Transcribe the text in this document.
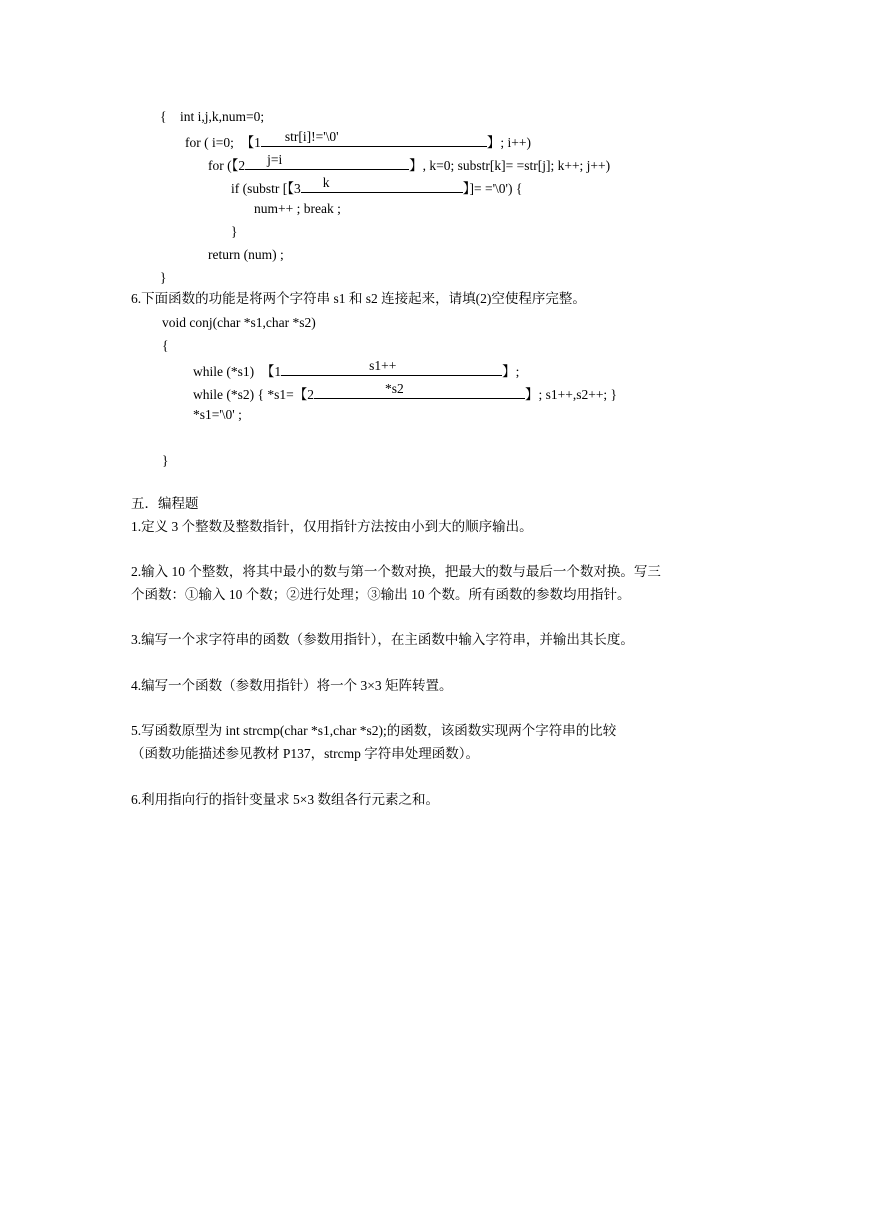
{    int i,j,k,num=0;
for ( i=0;  【1 str[i]!='\0'	】; i++)
for (【2 j=i	】, k=0; substr[k]= =str[j]; k++; j++)
if (substr [【3 k	】]= ='\0') {
num++ ; break ;
}
return (num) ;
}
6.下面函数的功能是将两个字符串 s1 和 s2 连接起来，请填(2)空使程序完整。
void conj(char *s1,char *s2)
{
while (*s1)  【1	s1++	】;
while (*s2) { *s1=【2	*s2	】; s1++,s2++; }
*s1='\0' ;
}
五．编程题
1.定义 3 个整数及整数指针，仅用指针方法按由小到大的顺序输出。
2.输入 10 个整数，将其中最小的数与第一个数对换，把最大的数与最后一个数对换。写三
个函数：①输入 10 个数；②进行处理；③输出 10 个数。所有函数的参数均用指针。
3.编写一个求字符串的函数（参数用指针），在主函数中输入字符串，并输出其长度。
4.编写一个函数（参数用指针）将一个 3×3 矩阵转置。
5.写函数原型为 int strcmp(char *s1,char *s2);的函数，该函数实现两个字符串的比较
（函数功能描述参见教材 P137，strcmp 字符串处理函数）。
6.利用指向行的指针变量求 5×3 数组各行元素之和。
